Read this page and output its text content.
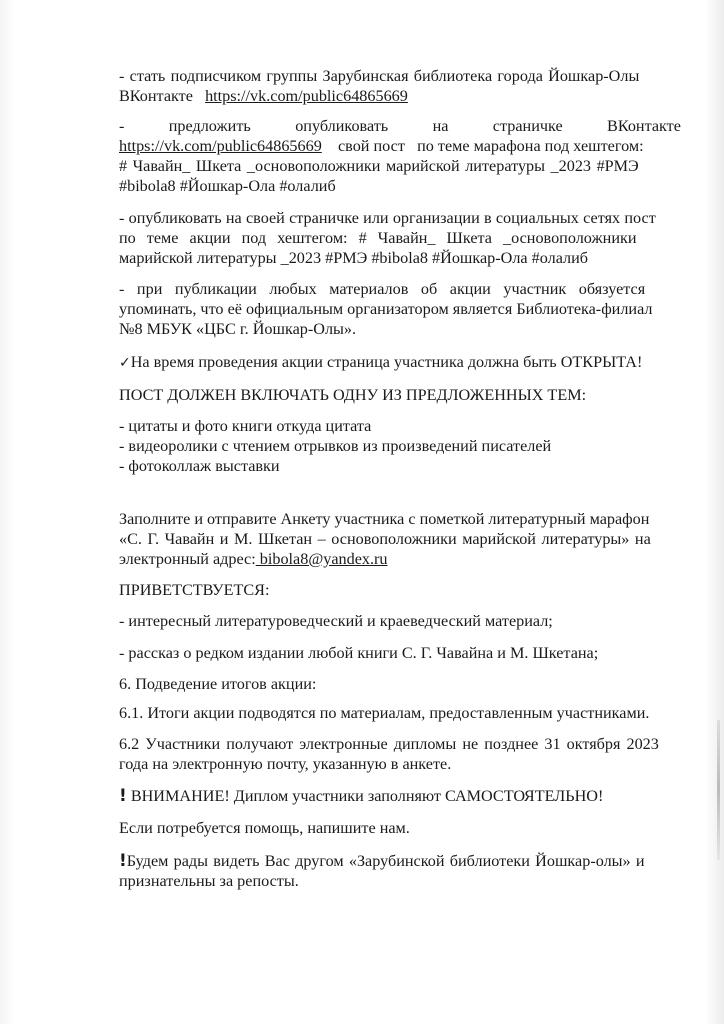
- стать подписчиком группы Зарубинская библиотека города Йошкар-Олы
ВКонтакте https://vk.com/public64865669
-	предложить	опубликовать	на	страничке	ВКонтакте
https://vk.com/public64865669 свой пост   по теме марафона под хештегом:
# Чавайн_ Шкета _основоположники марийской литературы _2023 #РМЭ
#bibola8 #Йошкар-Ола #олалиб
- опубликовать на своей страничке или организации в социальных сетях пост
по теме акции под хештегом: # Чавайн_ Шкета _основоположники
марийской литературы _2023 #РМЭ #bibola8 #Йошкар-Ола #олалиб
- при публикации любых материалов об акции участник обязуется
упоминать, что её официальным организатором является Библиотека-филиал
№8 МБУК «ЦБС г. Йошкар-Олы».
✓На время проведения акции страница участника должна быть ОТКРЫТА!
ПОСТ ДОЛЖЕН ВКЛЮЧАТЬ ОДНУ ИЗ ПРЕДЛОЖЕННЫХ ТЕМ:
- цитаты и фото книги откуда цитата
- видеоролики с чтением отрывков из произведений писателей
- фотоколлаж выставки
Заполните и отправите Анкету участника с пометкой литературный марафон
«С. Г. Чавайн и М. Шкетан – основоположники марийской литературы» на
электронный адрес: bibola8@yandex.ru
ПРИВЕТСТВУЕТСЯ:
- интересный литературоведческий и краеведческий материал;
- рассказ о редком издании любой книги С. Г. Чавайна и М. Шкетана;
6. Подведение итогов акции:
6.1. Итоги акции подводятся по материалам, предоставленным участниками.
6.2 Участники получают электронные дипломы не позднее 31 октября 2023
года на электронную почту, указанную в анкете.
! ВНИМАНИЕ! Диплом участники заполняют САМОСТОЯТЕЛЬНО!
Если потребуется помощь, напишите нам.
!Будем рады видеть Вас другом «Зарубинской библиотеки Йошкар-олы» и
признательны за репосты.
